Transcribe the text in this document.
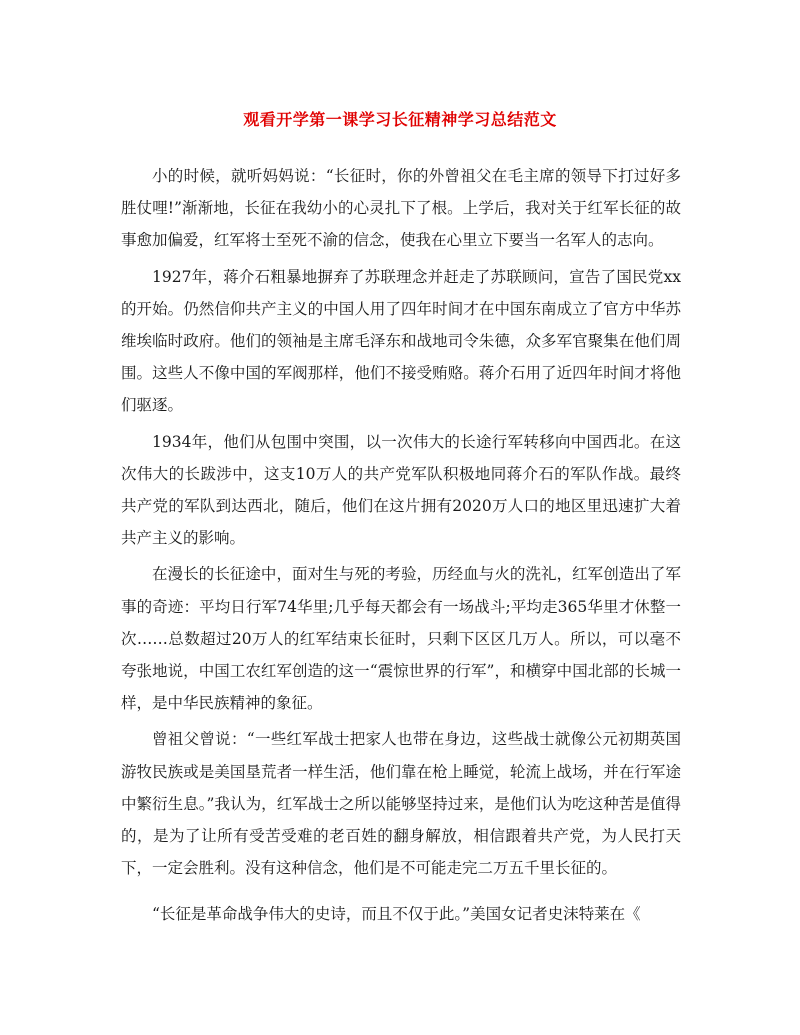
观看开学第一课学习长征精神学习总结范文

小的时候，就听妈妈说：“长征时，你的外曾祖父在毛主席的领导下打过好多胜仗哩!”渐渐地，长征在我幼小的心灵扎下了根。上学后，我对关于红军长征的故事愈加偏爱，红军将士至死不渝的信念，使我在心里立下要当一名军人的志向。

1927年，蒋介石粗暴地摒弃了苏联理念并赶走了苏联顾问，宣告了国民党xx的开始。仍然信仰共产主义的中国人用了四年时间才在中国东南成立了官方中华苏维埃临时政府。他们的领袖是主席毛泽东和战地司令朱德，众多军官聚集在他们周围。这些人不像中国的军阀那样，他们不接受贿赂。蒋介石用了近四年时间才将他们驱逐。

1934年，他们从包围中突围，以一次伟大的长途行军转移向中国西北。在这次伟大的长跋涉中，这支10万人的共产党军队积极地同蒋介石的军队作战。最终共产党的军队到达西北，随后，他们在这片拥有2020万人口的地区里迅速扩大着共产主义的影响。

在漫长的长征途中，面对生与死的考验，历经血与火的洗礼，红军创造出了军事的奇迹：平均日行军74华里;几乎每天都会有一场战斗;平均走365华里才休整一次……总数超过20万人的红军结束长征时，只剩下区区几万人。所以，可以毫不夸张地说，中国工农红军创造的这一“震惊世界的行军”，和横穿中国北部的长城一样，是中华民族精神的象征。

曾祖父曾说：“一些红军战士把家人也带在身边，这些战士就像公元初期英国游牧民族或是美国垦荒者一样生活，他们靠在枪上睡觉，轮流上战场，并在行军途中繁衍生息。”我认为，红军战士之所以能够坚持过来，是他们认为吃这种苦是值得的，是为了让所有受苦受难的老百姓的翻身解放，相信跟着共产党，为人民打天下，一定会胜利。没有这种信念，他们是不可能走完二万五千里长征的。

“长征是革命战争伟大的史诗，而且不仅于此。”美国女记者史沫特莱在《
